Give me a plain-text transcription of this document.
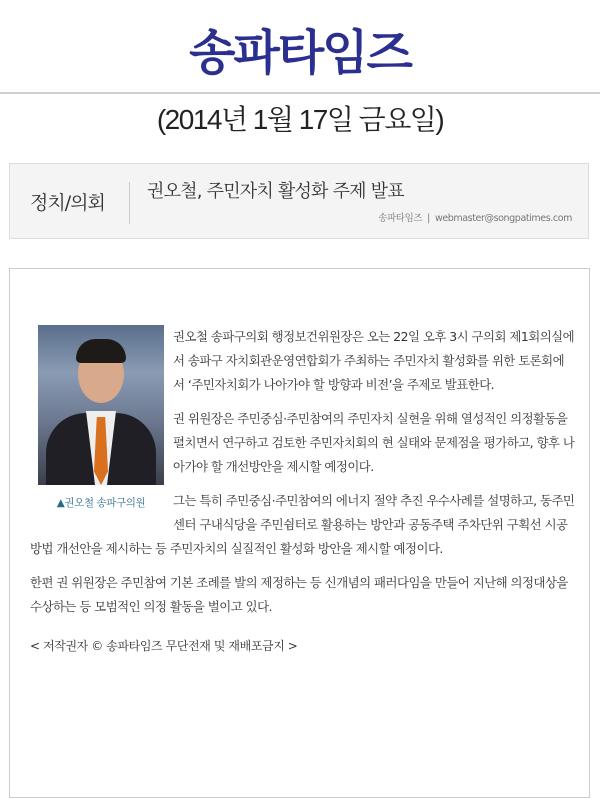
송파타임즈
(2014년 1월 17일 금요일)
정치/의회
권오철, 주민자치 활성화 주제 발표
송파타임즈 | webmaster@songpatimes.com
▲권오철 송파구의원

권오철 송파구의회 행정보건위원장은 오는 22일 오후 3시 구의회 제1회의실에서 송파구 자치회관운영연합회가 주최하는 주민자치 활성화를 위한 토론회에서 ‘주민자치회가 나아가야 할 방향과 비전’을 주제로 발표한다.

권 위원장은 주민중심·주민참여의 주민자치 실현을 위해 열성적인 의정활동을 펼치면서 연구하고 검토한 주민자치회의 현 실태와 문제점을 평가하고, 향후 나아가야 할 개선방안을 제시할 예정이다.

그는 특히 주민중심·주민참여의 에너지 절약 추진 우수사례를 설명하고, 동주민센터 구내식당을 주민쉼터로 활용하는 방안과 공동주택 주차단위 구획선 시공방법 개선안을 제시하는 등 주민자치의 실질적인 활성화 방안을 제시할 예정이다.

한편 권 위원장은 주민참여 기본 조례를 발의 제정하는 등 신개념의 패러다임을 만들어 지난해 의정대상을 수상하는 등 모범적인 의정 활동을 벌이고 있다.

< 저작권자 © 송파타임즈 무단전재 및 재배포금지 >
